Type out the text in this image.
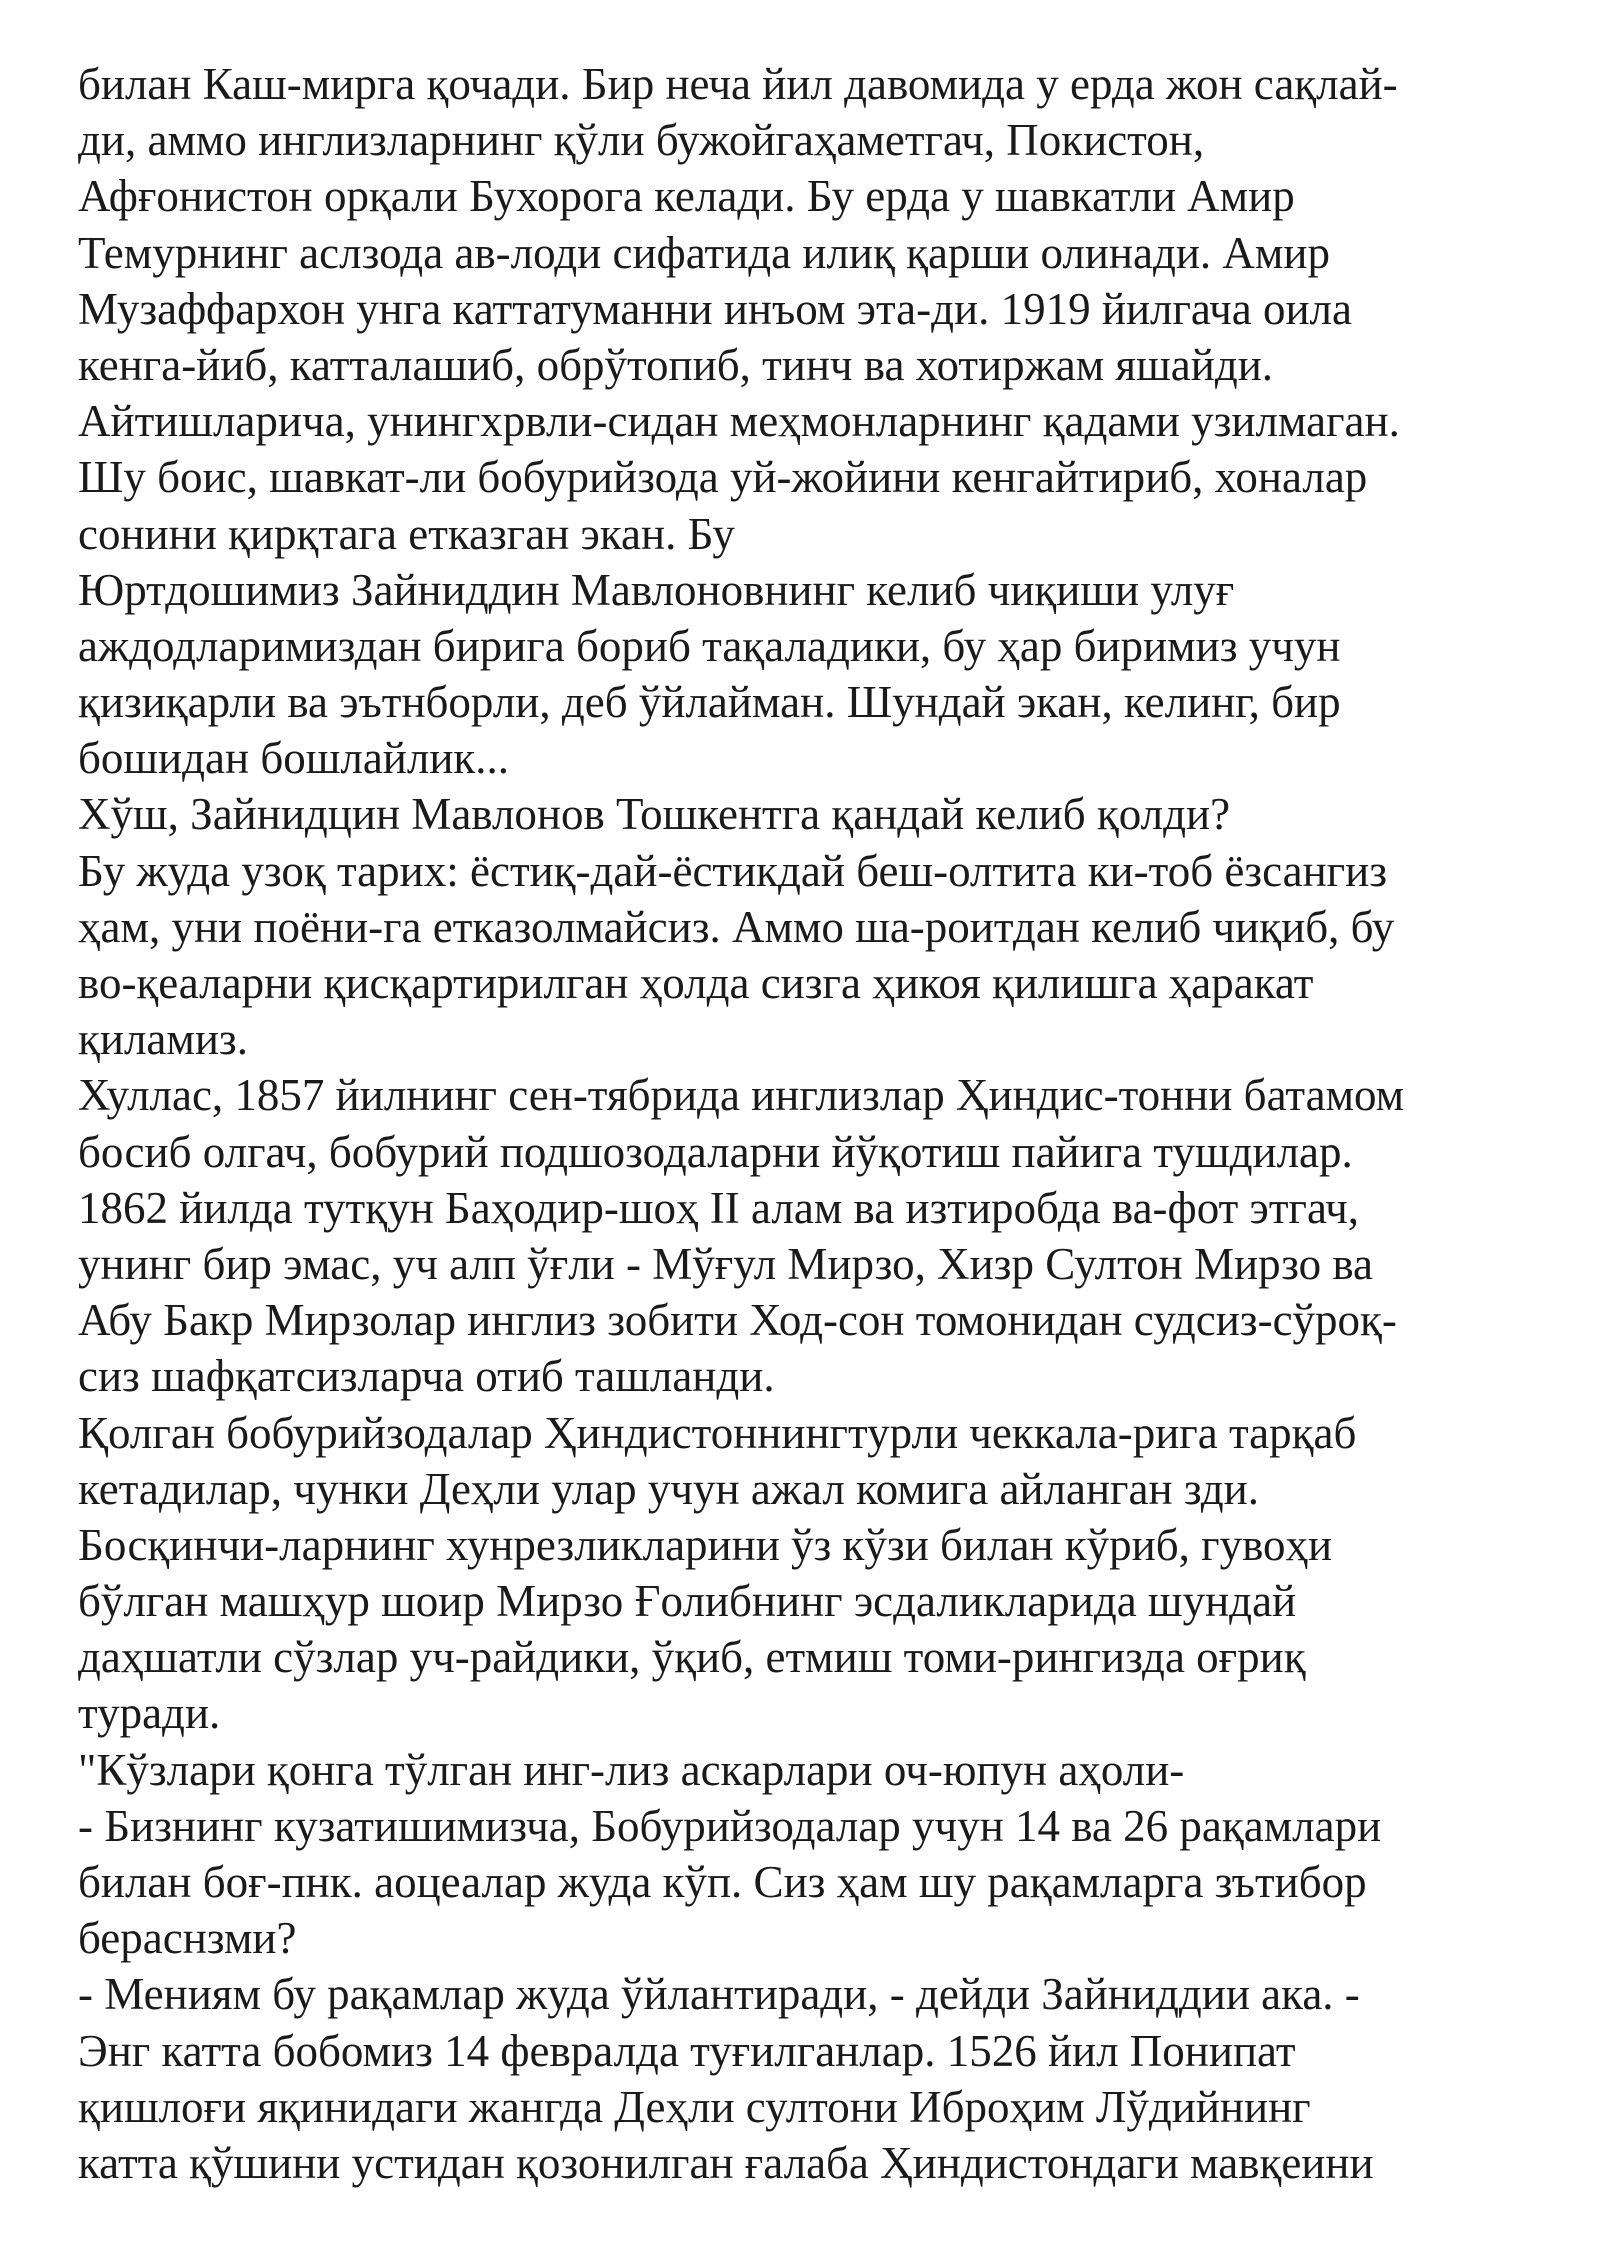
билан Каш-мирга қочади. Бир неча йил давомида у ерда жон сақлай-
ди, аммо инглизларнинг қўли бужойгаҳаметгач, Покистон,
Афғонистон орқали Бухорога келади. Бу ерда у шавкатли Амир
Темурнинг аслзода ав-лоди сифатида илиқ қарши олинади. Амир
Музаффархон унга каттатуманни инъом эта-ди. 1919 йилгача оила
кенга-йиб, катталашиб, обрўтопиб, тинч ва хотиржам яшайди.
Айтишларича, унингхрвли-сидан меҳмонларнинг қадами узилмаган.
Шу боис, шавкат-ли бобурийзода уй-жойини кенгайтириб, хоналар
сонини қирқтага етказган экан. Бу
Юртдошимиз Зайниддин Мавлоновнинг келиб чиқиши улуғ
аждодларимиздан бирига бориб тақаладики, бу ҳар биримиз учун
қизиқарли ва эътнборли, деб ўйлайман. Шундай экан, келинг, бир
бошидан бошлайлик...
Хўш, Зайнидцин Мавлонов Тошкентга қандай келиб қолди?
Бу жуда узоқ тарих: ёстиқ-дай-ёстикдай беш-олтита ки-тоб ёзсангиз
ҳам, уни поёни-га етказолмайсиз. Аммо ша-роитдан келиб чиқиб, бу
во-қеаларни қисқартирилган ҳолда сизга ҳикоя қилишга ҳаракат
қиламиз.
Хуллас, 1857 йилнинг сен-тябрида инглизлар Ҳиндис-тонни батамом
босиб олгач, бобурий подшозодаларни йўқотиш пайига тушдилар.
1862 йилда тутқун Баҳодир-шоҳ II алам ва изтиробда ва-фот этгач,
унинг бир эмас, уч алп ўғли - Мўғул Мирзо, Хизр Султон Мирзо ва
Абу Бакр Мирзолар инглиз зобити Ход-сон томонидан судсиз-сўроқ-
сиз шафқатсизларча отиб ташланди.
Қолган бобурийзодалар Ҳиндистоннингтурли чеккала-рига тарқаб
кетадилар, чунки Деҳли улар учун ажал комига айланган зди.
Босқинчи-ларнинг хунрезликларини ўз кўзи билан кўриб, гувоҳи
бўлган машҳур шоир Мирзо Ғолибнинг эсдаликларида шундай
даҳшатли сўзлар уч-райдики, ўқиб, етмиш томи-рингизда оғриқ
туради.
"Кўзлари қонга тўлган инг-лиз аскарлари оч-юпун аҳоли-
- Бизнинг кузатишимизча, Бобурийзодалар учун 14 ва 26 рақамлари
билан боғ-пнк. аоцеалар жуда кўп. Сиз ҳам шу рақамларга зътибор
бераснзми?
- Мениям бу рақамлар жуда ўйлантиради, - дейди Зайниддии ака. -
Энг катта бобомиз 14 февралда туғилганлар. 1526 йил Понипат
қишлоғи яқинидаги жангда Деҳли султони Иброҳим Лўдийнинг
катта қўшини устидан қозонилган ғалаба Ҳиндистондаги мавқеини
